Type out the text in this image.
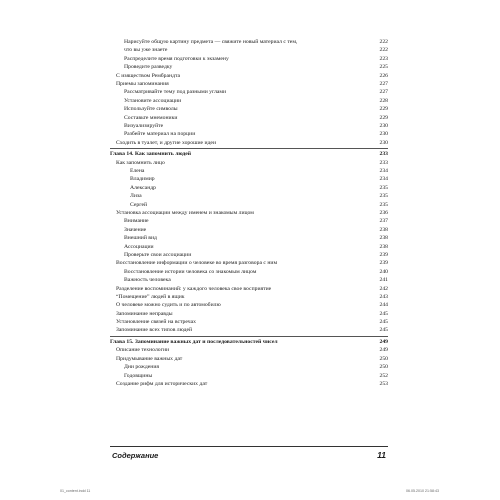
Нарисуйте общую картину предмета — свяжите новый материал с тем,	222
что вы уже знаете	222
Распределите время подготовки к экзамену	223
Проведите разведку	225
С изяществом Рембрандта	226
Приемы запоминания	227
Рассматривайте тему под разными углами	227
Установите ассоциации	228
Используйте символы	229
Составьте мнемоники	229
Визуализируйте	230
Разбейте материал на порции	230
Сходить в туалет, и другие хорошие идеи	230
Глава 14. Как запомнить людей	233
Как запомнить лицо	233
Елена	234
Владимир	234
Александр	235
Лиза	235
Сергей	235
Установка ассоциации между именем и знакомым лицом	236
Внимание	237
Значение	238
Внешний вид	238
Ассоциации	238
Проверьте свои ассоциации	239
Восстановление информации о человеке во время разговора с ним	239
Восстановление истории человека со знакомым лицом	240
Важность человека	241
Разделение воспоминаний: у каждого человека свое восприятие	242
“Помещение” людей в ящик	243
О человеке можно судить и по автомобилю	244
Запоминание неправды	245
Установление связей на встречах	245
Запоминание всех типов людей	245
Глава 15. Запоминание важных дат и последовательностей чисел	249
Описание технологии	249
Придумывание важных дат	250
Дни рождения	250
Годовщины	252
Создание рифм для исторических дат	253
Содержание	11
01_content.indd 11	06.05.2010 21:58:43
